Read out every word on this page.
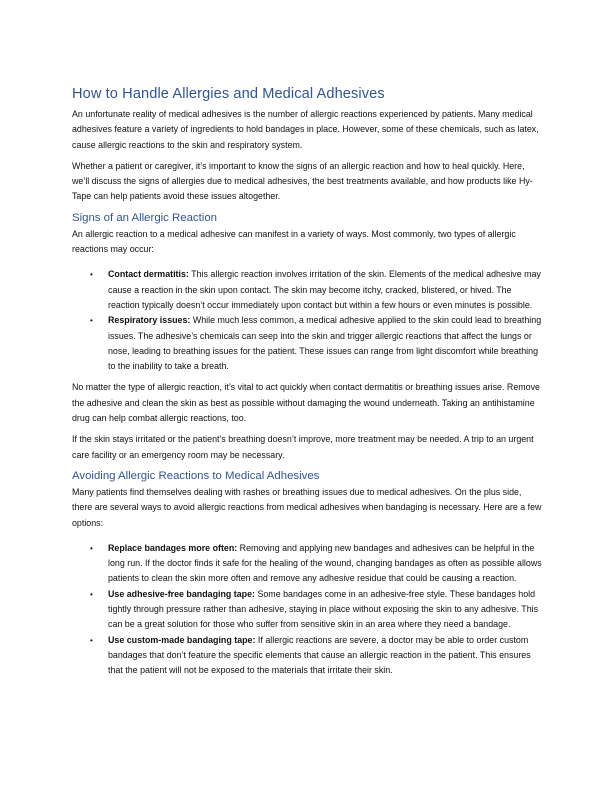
How to Handle Allergies and Medical Adhesives

An unfortunate reality of medical adhesives is the number of allergic reactions experienced by patients. Many medical adhesives feature a variety of ingredients to hold bandages in place. However, some of these chemicals, such as latex, cause allergic reactions to the skin and respiratory system.

Whether a patient or caregiver, it’s important to know the signs of an allergic reaction and how to heal quickly. Here, we’ll discuss the signs of allergies due to medical adhesives, the best treatments available, and how products like Hy-Tape can help patients avoid these issues altogether.

Signs of an Allergic Reaction

An allergic reaction to a medical adhesive can manifest in a variety of ways. Most commonly, two types of allergic reactions may occur:

• Contact dermatitis: This allergic reaction involves irritation of the skin. Elements of the medical adhesive may cause a reaction in the skin upon contact. The skin may become itchy, cracked, blistered, or hived. The reaction typically doesn’t occur immediately upon contact but within a few hours or even minutes is possible.
• Respiratory issues: While much less common, a medical adhesive applied to the skin could lead to breathing issues. The adhesive’s chemicals can seep into the skin and trigger allergic reactions that affect the lungs or nose, leading to breathing issues for the patient. These issues can range from light discomfort while breathing to the inability to take a breath.

No matter the type of allergic reaction, it’s vital to act quickly when contact dermatitis or breathing issues arise. Remove the adhesive and clean the skin as best as possible without damaging the wound underneath. Taking an antihistamine drug can help combat allergic reactions, too.

If the skin stays irritated or the patient’s breathing doesn’t improve, more treatment may be needed. A trip to an urgent care facility or an emergency room may be necessary.

Avoiding Allergic Reactions to Medical Adhesives

Many patients find themselves dealing with rashes or breathing issues due to medical adhesives. On the plus side, there are several ways to avoid allergic reactions from medical adhesives when bandaging is necessary. Here are a few options:

• Replace bandages more often: Removing and applying new bandages and adhesives can be helpful in the long run. If the doctor finds it safe for the healing of the wound, changing bandages as often as possible allows patients to clean the skin more often and remove any adhesive residue that could be causing a reaction.
• Use adhesive-free bandaging tape: Some bandages come in an adhesive-free style. These bandages hold tightly through pressure rather than adhesive, staying in place without exposing the skin to any adhesive. This can be a great solution for those who suffer from sensitive skin in an area where they need a bandage.
• Use custom-made bandaging tape: If allergic reactions are severe, a doctor may be able to order custom bandages that don’t feature the specific elements that cause an allergic reaction in the patient. This ensures that the patient will not be exposed to the materials that irritate their skin.
